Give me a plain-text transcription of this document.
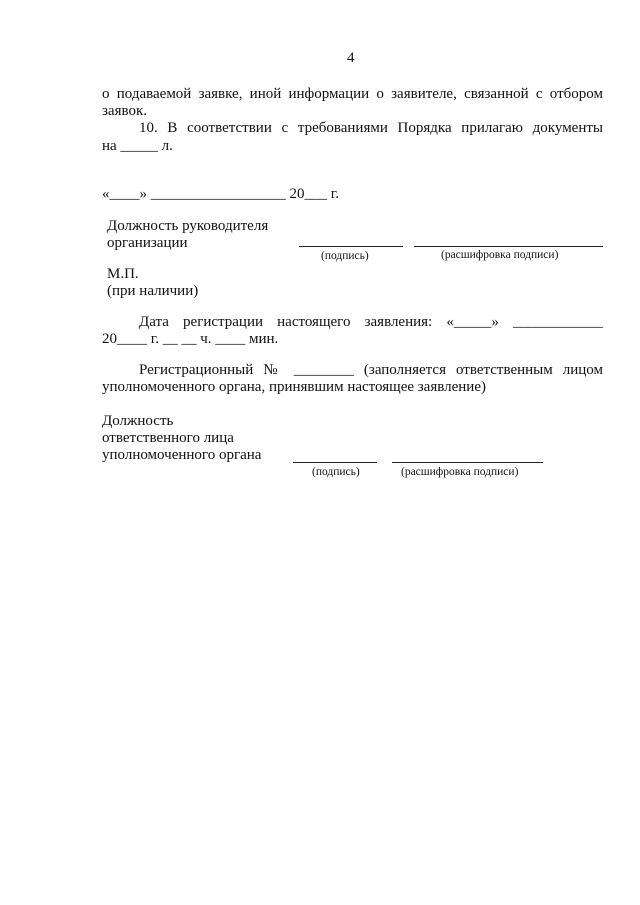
4
о подаваемой заявке, иной информации о заявителе, связанной с отбором
заявок.
10. В соответствии с требованиями Порядка прилагаю документы
на _____ л.
«____» __________________ 20___ г.
Должность руководителя
организации
(подпись)	(расшифровка подписи)
М.П.
(при наличии)
Дата регистрации настоящего заявления: «_____» ____________
20____ г. __ __ ч. ____ мин.
Регистрационный № ________ (заполняется ответственным лицом
уполномоченного органа, принявшим настоящее заявление)
Должность
ответственного лица
уполномоченного органа
(подпись)	(расшифровка подписи)
